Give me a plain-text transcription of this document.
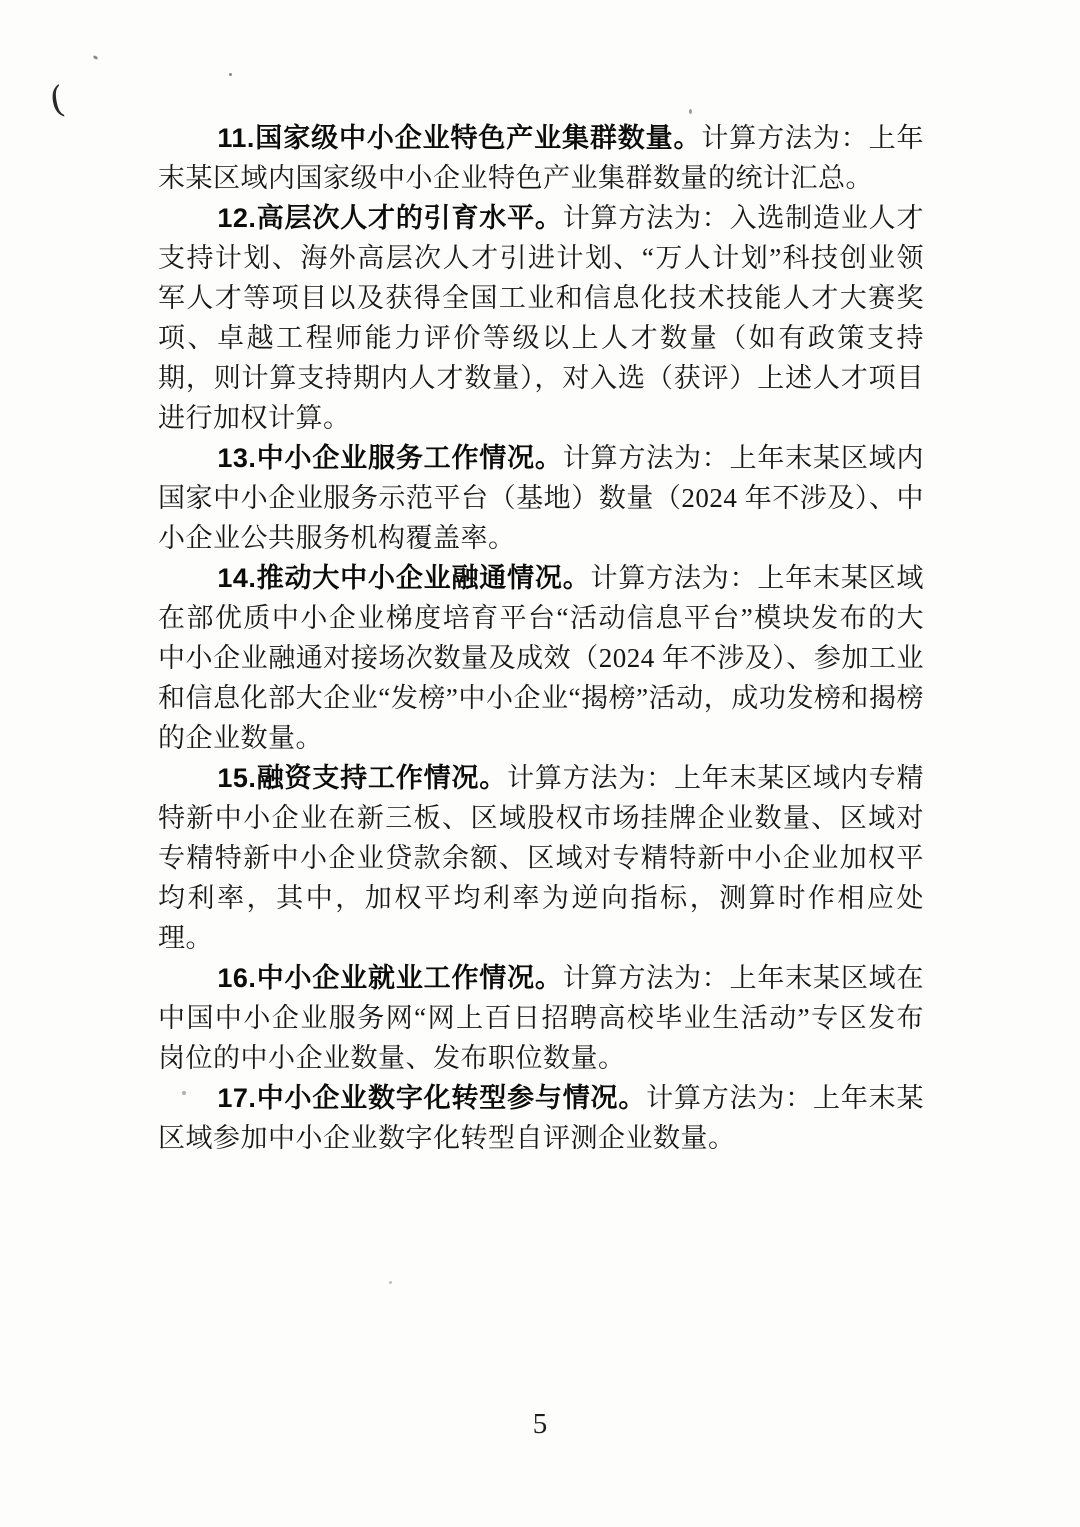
(

11.国家级中小企业特色产业集群数量。计算方法为：上年末某区域内国家级中小企业特色产业集群数量的统计汇总。

12.高层次人才的引育水平。计算方法为：入选制造业人才支持计划、海外高层次人才引进计划、“万人计划”科技创业领军人才等项目以及获得全国工业和信息化技术技能人才大赛奖项、卓越工程师能力评价等级以上人才数量（如有政策支持期，则计算支持期内人才数量），对入选（获评）上述人才项目进行加权计算。

13.中小企业服务工作情况。计算方法为：上年末某区域内国家中小企业服务示范平台（基地）数量（2024 年不涉及）、中小企业公共服务机构覆盖率。

14.推动大中小企业融通情况。计算方法为：上年末某区域在部优质中小企业梯度培育平台“活动信息平台”模块发布的大中小企业融通对接场次数量及成效（2024 年不涉及）、参加工业和信息化部大企业“发榜”中小企业“揭榜”活动，成功发榜和揭榜的企业数量。

15.融资支持工作情况。计算方法为：上年末某区域内专精特新中小企业在新三板、区域股权市场挂牌企业数量、区域对专精特新中小企业贷款余额、区域对专精特新中小企业加权平均利率，其中，加权平均利率为逆向指标，测算时作相应处理。

16.中小企业就业工作情况。计算方法为：上年末某区域在中国中小企业服务网“网上百日招聘高校毕业生活动”专区发布岗位的中小企业数量、发布职位数量。

17.中小企业数字化转型参与情况。计算方法为：上年末某区域参加中小企业数字化转型自评测企业数量。

5
